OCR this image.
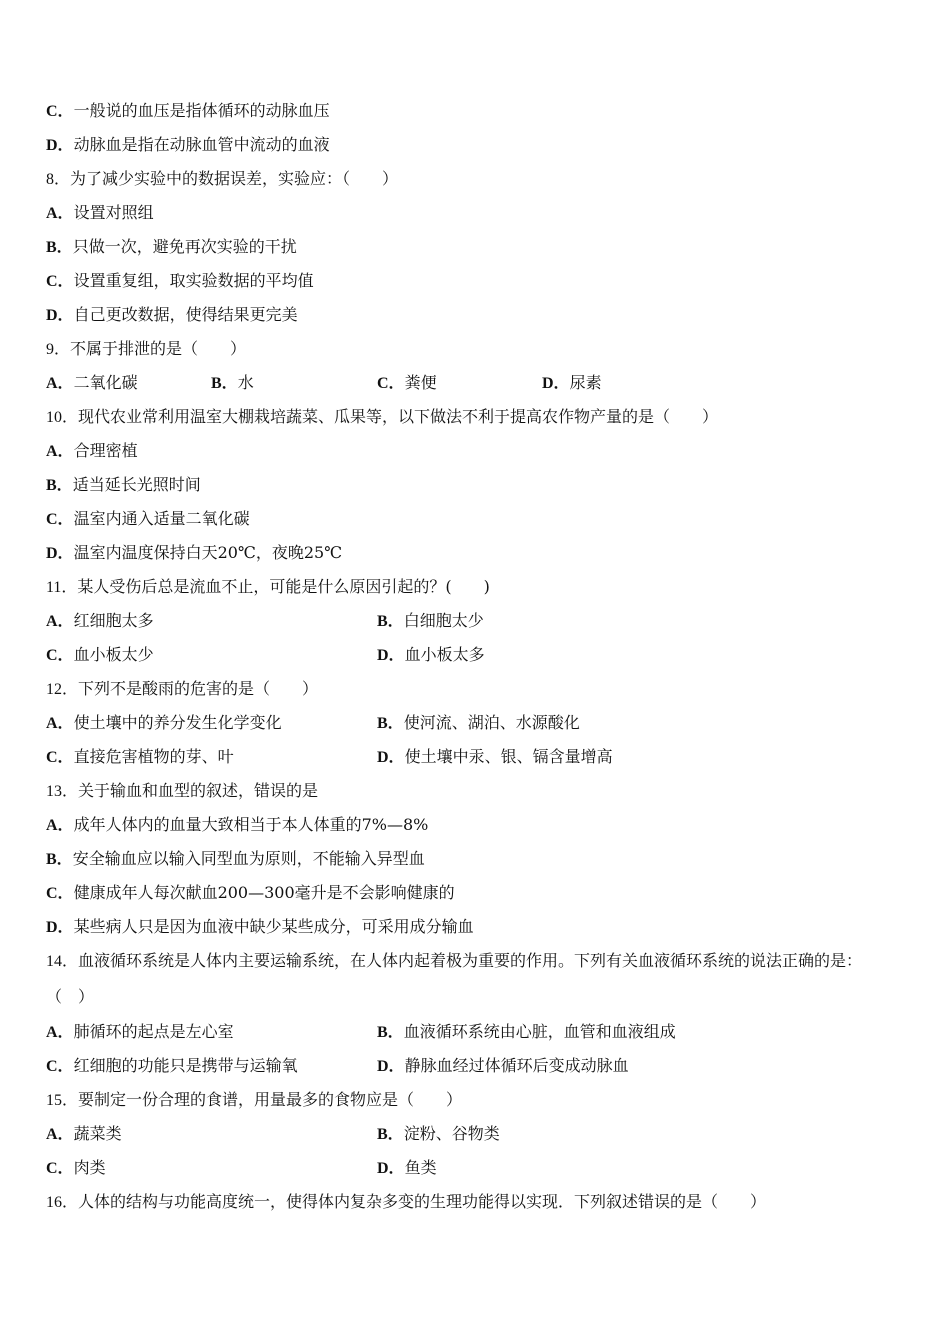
C．一般说的血压是指体循环的动脉血压
D．动脉血是指在动脉血管中流动的血液
8．为了减少实验中的数据误差，实验应：（　　）
A．设置对照组
B．只做一次，避免再次实验的干扰
C．设置重复组，取实验数据的平均值
D．自己更改数据，使得结果更完美
9．不属于排泄的是（　　）
A．二氧化碳	B．水	C．粪便	D．尿素
10．现代农业常利用温室大棚栽培蔬菜、瓜果等，以下做法不利于提高农作物产量的是（　　）
A．合理密植
B．适当延长光照时间
C．温室内通入适量二氧化碳
D．温室内温度保持白天20℃，夜晚25℃
11．某人受伤后总是流血不止，可能是什么原因引起的？(　　)
A．红细胞太多	B．白细胞太少
C．血小板太少	D．血小板太多
12．下列不是酸雨的危害的是（　　）
A．使土壤中的养分发生化学变化	B．使河流、湖泊、水源酸化
C．直接危害植物的芽、叶	D．使土壤中汞、银、镉含量增高
13．关于输血和血型的叙述，错误的是
A．成年人体内的血量大致相当于本人体重的7%—8%
B．安全输血应以输入同型血为原则，不能输入异型血
C．健康成年人每次献血200—300毫升是不会影响健康的
D．某些病人只是因为血液中缺少某些成分，可采用成分输血
14．血液循环系统是人体内主要运输系统，在人体内起着极为重要的作用。下列有关血液循环系统的说法正确的是：
（　）
A．肺循环的起点是左心室	B．血液循环系统由心脏，血管和血液组成
C．红细胞的功能只是携带与运输氧	D．静脉血经过体循环后变成动脉血
15．要制定一份合理的食谱，用量最多的食物应是（　　）
A．蔬菜类	B．淀粉、谷物类
C．肉类	D．鱼类
16．人体的结构与功能高度统一，使得体内复杂多变的生理功能得以实现．下列叙述错误的是（　　）
